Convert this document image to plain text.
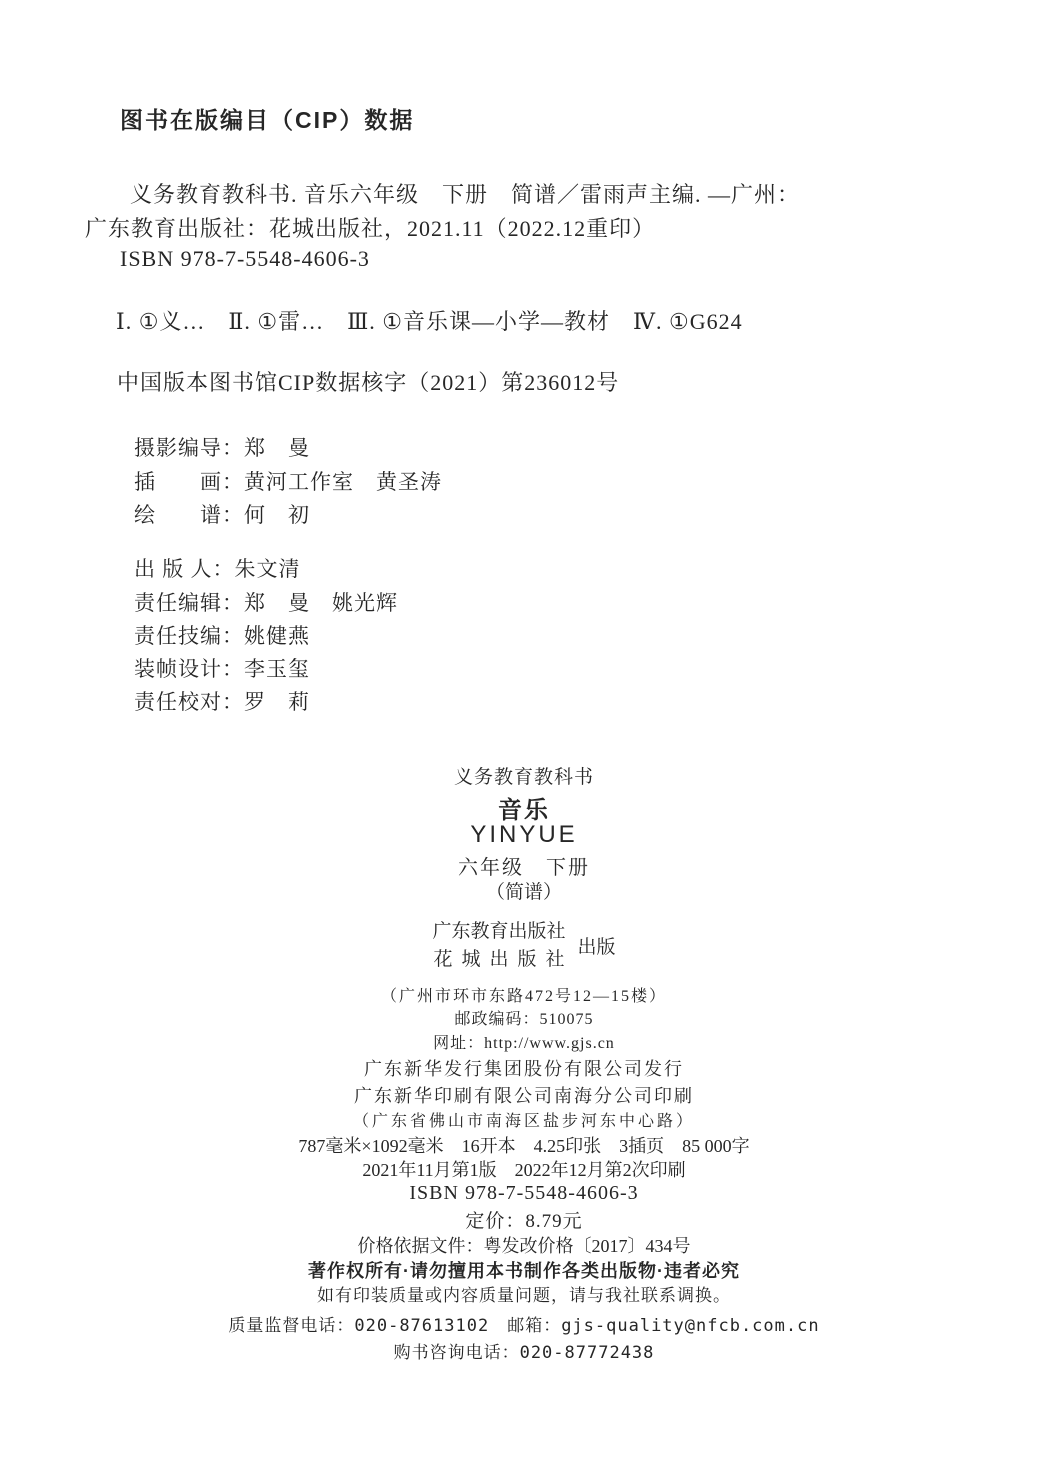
图书在版编目（CIP）数据
义务教育教科书. 音乐六年级　下册　简谱／雷雨声主编. —广州：
广东教育出版社：花城出版社，2021.11（2022.12重印）
ISBN 978-7-5548-4606-3
Ⅰ. ①义…　Ⅱ. ①雷…　Ⅲ. ①音乐课—小学—教材　Ⅳ. ①G624
中国版本图书馆CIP数据核字（2021）第236012号
摄影编导：郑　曼
插　　画：黄河工作室　黄圣涛
绘　　谱：何　初
出 版 人：朱文清
责任编辑：郑　曼　姚光辉
责任技编：姚健燕
装帧设计：李玉玺
责任校对：罗　莉
义务教育教科书
音乐
YINYUE
六年级　下册
（简谱）
广东教育出版社
花城出版社
出版
（广州市环市东路472号12—15楼）
邮政编码：510075
网址：http://www.gjs.cn
广东新华发行集团股份有限公司发行
广东新华印刷有限公司南海分公司印刷
（广东省佛山市南海区盐步河东中心路）
787毫米×1092毫米　16开本　4.25印张　3插页　85 000字
2021年11月第1版　2022年12月第2次印刷
ISBN 978-7-5548-4606-3
定价：8.79元
价格依据文件：粤发改价格〔2017〕434号
著作权所有·请勿擅用本书制作各类出版物·违者必究
如有印装质量或内容质量问题，请与我社联系调换。
质量监督电话：020-87613102　邮箱：gjs-quality@nfcb.com.cn
购书咨询电话：020-87772438
